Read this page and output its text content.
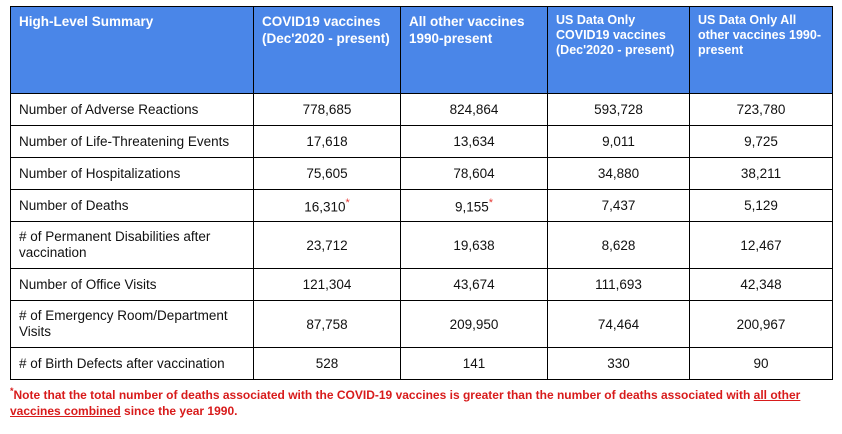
High-Level Summary	COVID19 vaccines (Dec'2020 - present)	All other vaccines 1990-present	US Data Only COVID19 vaccines (Dec'2020 - present)	US Data Only All other vaccines 1990-present
Number of Adverse Reactions	778,685	824,864	593,728	723,780
Number of Life-Threatening Events	17,618	13,634	9,011	9,725
Number of Hospitalizations	75,605	78,604	34,880	38,211
Number of Deaths	16,310*	9,155*	7,437	5,129
# of Permanent Disabilities after vaccination	23,712	19,638	8,628	12,467
Number of Office Visits	121,304	43,674	111,693	42,348
# of Emergency Room/Department Visits	87,758	209,950	74,464	200,967
# of Birth Defects after vaccination	528	141	330	90
*Note that the total number of deaths associated with the COVID-19 vaccines is greater than the number of deaths associated with all other vaccines combined since the year 1990.
